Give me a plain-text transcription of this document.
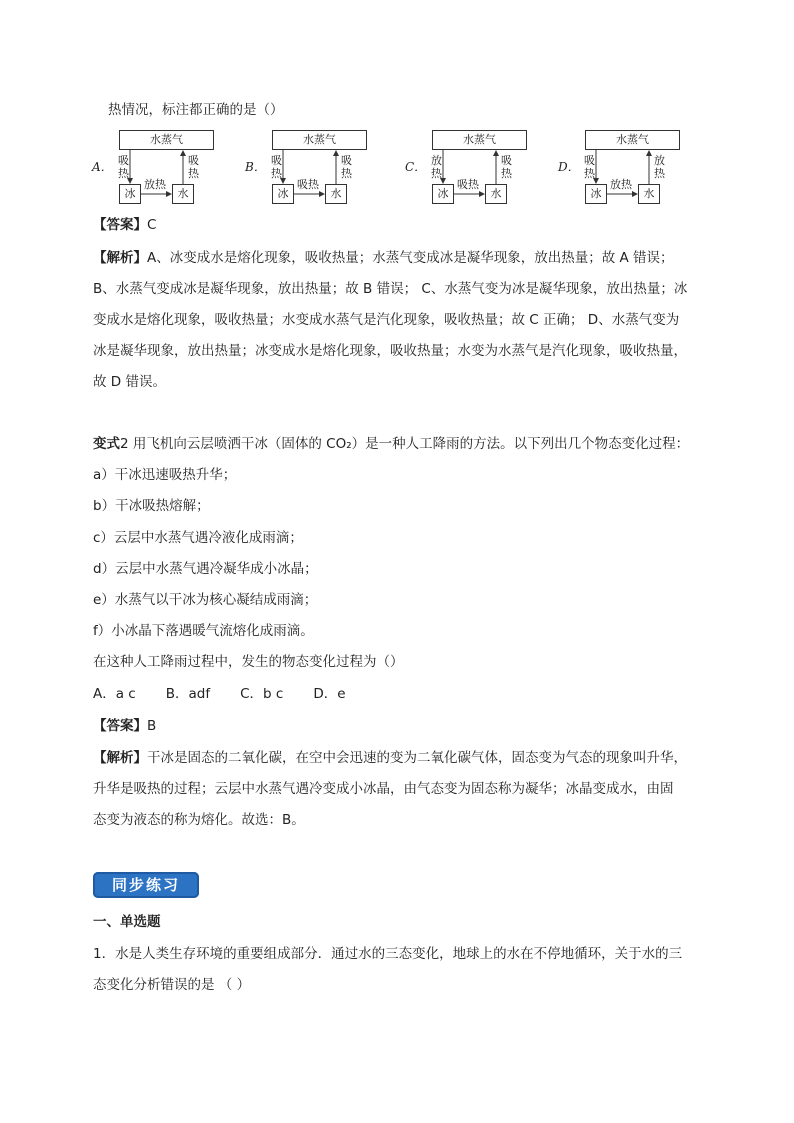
热情况，标注都正确的是（）
A．
水蒸气
冰	水
吸热
吸热
放热
B．
水蒸气
冰	水
吸热
吸热
吸热
C．
水蒸气
冰	水
放热
吸热
吸热
D．
水蒸气
冰	水
吸热
放热
放热
【答案】C
【解析】A、冰变成水是熔化现象，吸收热量；水蒸气变成冰是凝华现象，放出热量；故 A 错误；
B、水蒸气变成冰是凝华现象，放出热量；故 B 错误； C、水蒸气变为冰是凝华现象，放出热量；冰
变成水是熔化现象，吸收热量；水变成水蒸气是汽化现象，吸收热量；故 C 正确； D、水蒸气变为
冰是凝华现象，放出热量；冰变成水是熔化现象，吸收热量；水变为水蒸气是汽化现象，吸收热量，
故 D 错误。
变式2 用飞机向云层喷洒干冰（固体的 CO₂）是一种人工降雨的方法。以下列出几个物态变化过程：
a）干冰迅速吸热升华；
b）干冰吸热熔解；
c）云层中水蒸气遇冷液化成雨滴；
d）云层中水蒸气遇冷凝华成小冰晶；
e）水蒸气以干冰为核心凝结成雨滴；
f）小冰晶下落遇暖气流熔化成雨滴。
在这种人工降雨过程中，发生的物态变化过程为（）
A．a c B．adf C．b c D．e
【答案】B
【解析】干冰是固态的二氧化碳，在空中会迅速的变为二氧化碳气体，固态变为气态的现象叫升华，
升华是吸热的过程；云层中水蒸气遇冷变成小冰晶，由气态变为固态称为凝华；冰晶变成水，由固
态变为液态的称为熔化。故选：B。
同步练习
一、单选题
1．水是人类生存环境的重要组成部分．通过水的三态变化，地球上的水在不停地循环，关于水的三
态变化分析错误的是 （ ）
